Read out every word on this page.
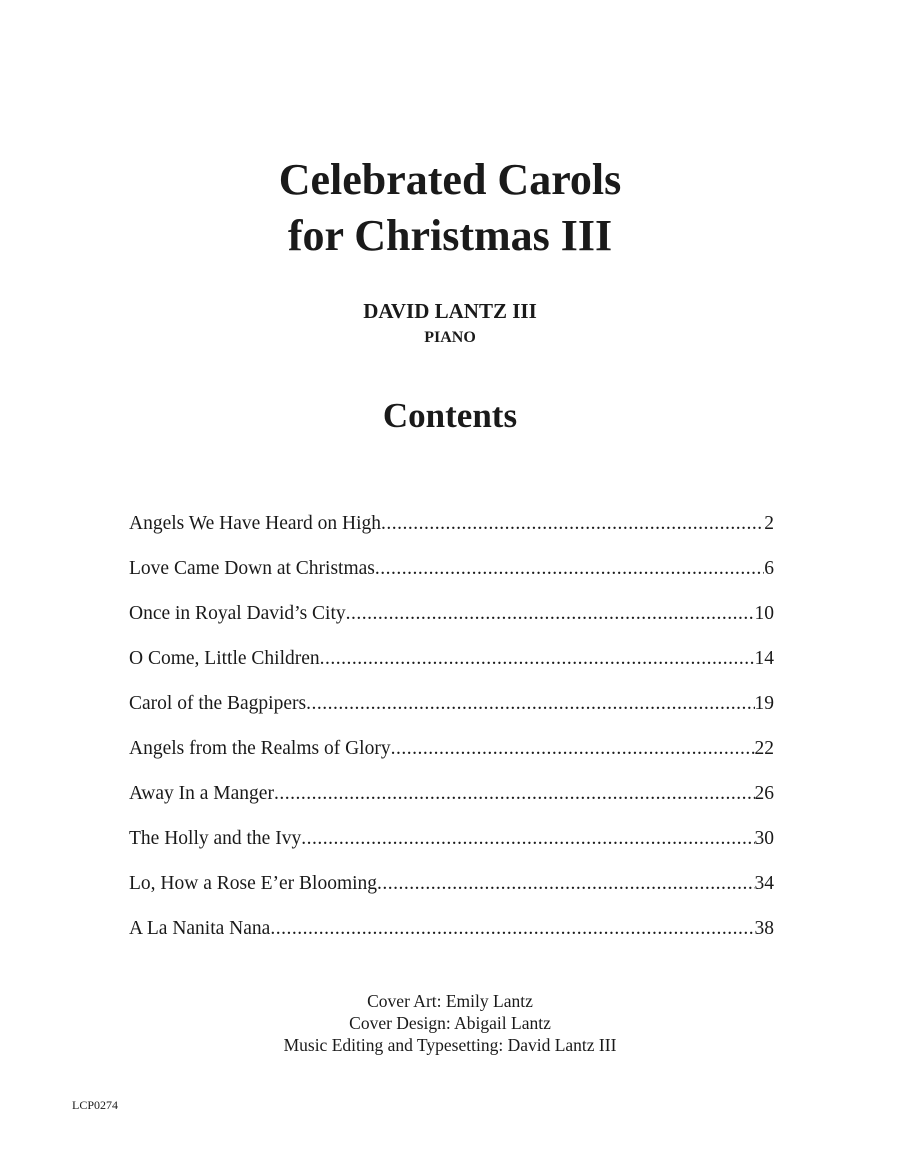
Celebrated Carols
for Christmas III
DAVID LANTZ III
PIANO
Contents
Angels We Have Heard on High .....	2
Love Came Down at Christmas .....	6
Once in Royal David’s City .....	10
O Come, Little Children .....	14
Carol of the Bagpipers .....	19
Angels from the Realms of Glory .....	22
Away In a Manger .....	26
The Holly and the Ivy .....	30
Lo, How a Rose E’er Blooming .....	34
A La Nanita Nana .....	38
Cover Art: Emily Lantz
Cover Design: Abigail Lantz
Music Editing and Typesetting: David Lantz III
LCP0274
